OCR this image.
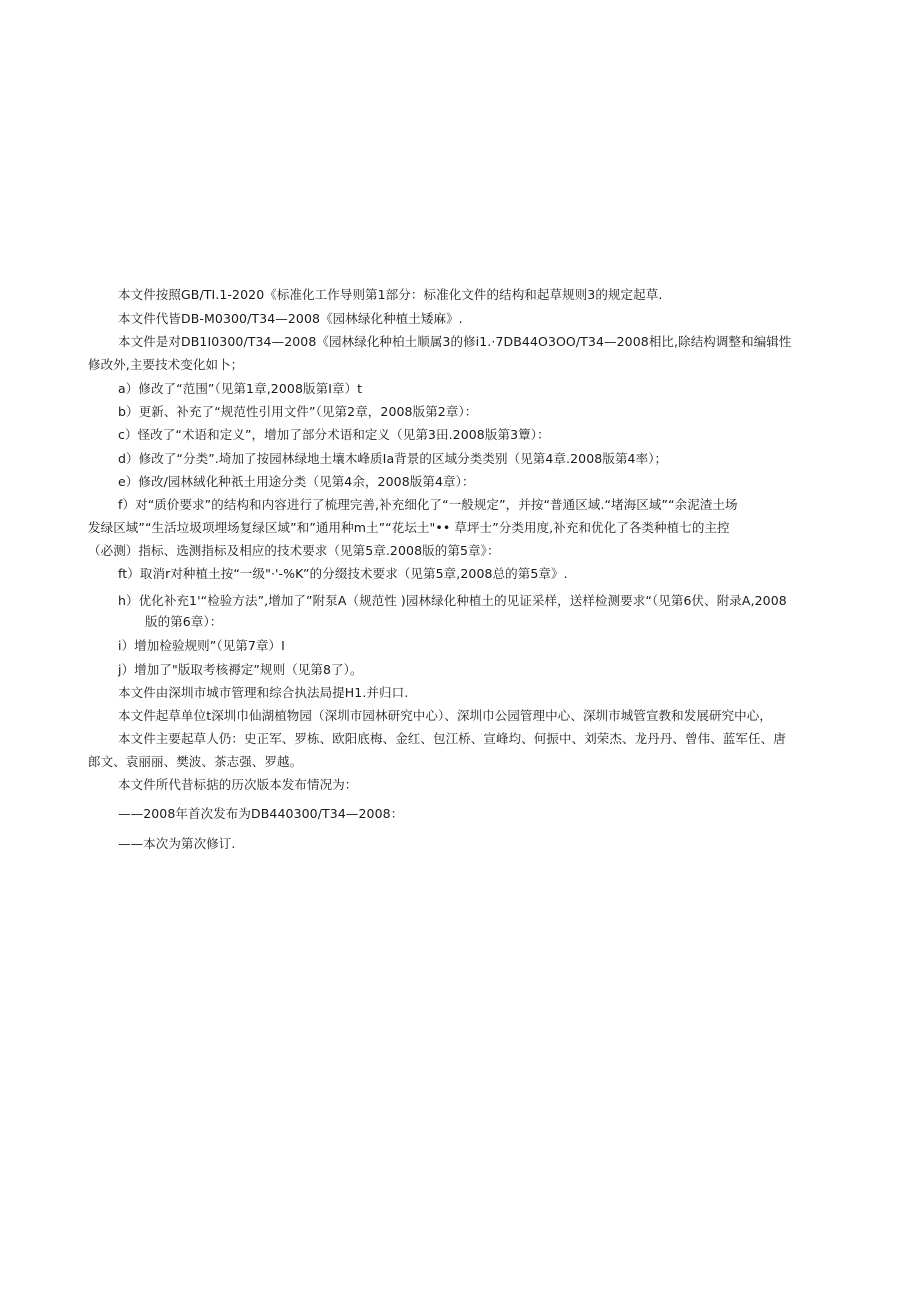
本文件按照GB/TI.1-2020《标准化工作导则第1部分：标准化文件的结构和起草规则3的规定起草.
本文件代皆DB-M0300/T34—2008《园林绿化种植土矮麻》.
本文件是对DB1I0300/T34—2008《园林绿化种柏土顺属3的修i1.·7DB44O3OO/T34—2008相比,除结构调整和编辑性
修改外,主要技术变化如卜；
a）修改了“范围”（见第1章,2008版第I章）t
b）更新、补充了“规范性引用文件”（见第2章，2008版第2章）：
c）怪改了“术语和定义”，增加了部分术语和定义（见第3田.2008版第3簟）：
d）修改了“分类”.埼加了按园林绿地土壤木峰质Ia背景的区域分类类别（见第4章.2008版第4率）；
e）修改/园林絨化种祇土用途分类（见第4余，2008版第4章）：
f）对“质价要求”的结构和内容进行了梳理完善,补充细化了“一般规定”，并按“普通区域.“堵海区域”“余泥渣土场
发绿区域”“生活垃圾项埋场复绿区域”和”通用种m土”“花坛土"•• 草坪士”分类用度,补充和优化了各类种植七的主控
（必测）指标、选测指标及相应的技术要求（见第5章.2008版的第5章》：
ft）取消r对种植土按“一级"·'-%K”的分缀技术要求（见第5章,2008总的第5章》.
h）优化补充1'“检验方法”,增加了”附泵A（规范性 )园林绿化种植土的见证采样，送样检测要求“（见第6伏、附录A,2008
版的第6章）：
i）增加检验规则”（见第7章）I
j）增加了"版取考核褥定”规则（见第8了）。
本文件由深圳市城市管理和综合执法局提H1.并归口.
本文件起草单位t深圳巾仙湖植物园（深圳市园林研究中心）、深圳巾公园管理中心、深圳市城管宣教和发展研究中心，
本文件主要起草人仍：史正军、罗栋、欧阳底梅、金红、包江桥、宣峰均、何振中、刘荣杰、龙丹丹、曾伟、蓝军任、唐
郎文、袁丽丽、樊波、茶志强、罗越。
本文件所代昔标掂的历次版本发布情况为：
——2008年首次发布为DB440300/T34—2008：
——本次为第次修订.
